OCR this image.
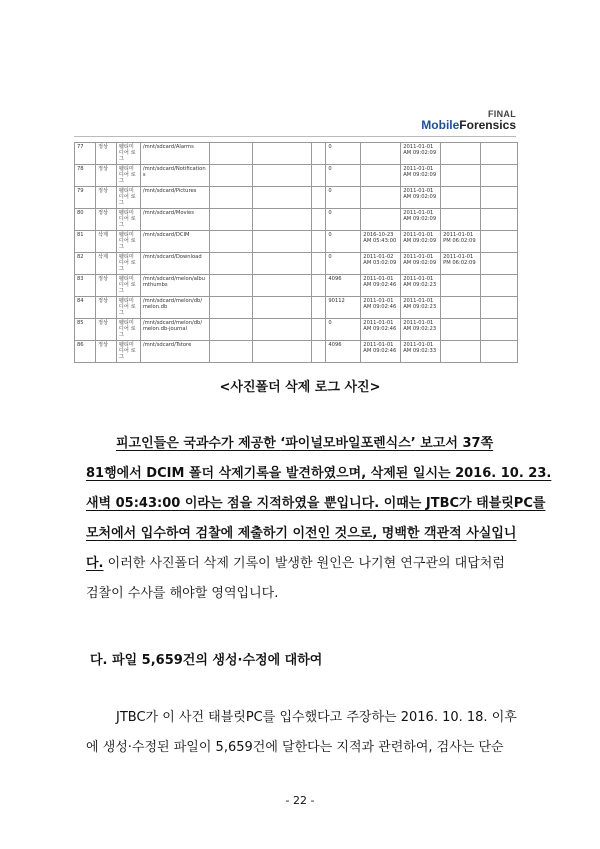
FINAL
MobileForensics

77	정상	펠티미디어 로그	/mnt/sdcard/Alarms				0		2011-01-01 AM 09:02:09		
78	정상	펠티미디어 로그	/mnt/sdcard/Notifications				0		2011-01-01 AM 09:02:09		
79	정상	펠티미디어 로그	/mnt/sdcard/Pictures				0		2011-01-01 AM 09:02:09		
80	정상	펠티미디어 로그	/mnt/sdcard/Movies				0		2011-01-01 AM 09:02:09		
81	삭제	펠티미디어 로그	/mnt/sdcard/DCIM				0	2016-10-23 AM 05:43:00	2011-01-01 AM 09:02:09	2011-01-01 PM 06:02:09	
82	삭제	펠티미디어 로그	/mnt/sdcard/Download				0	2011-01-02 AM 03:02:09	2011-01-01 AM 09:02:09	2011-01-01 PM 06:02:09	
83	정상	펠티미디어 로그	/mnt/sdcard/melon/albumthumbs				4096	2011-01-01 AM 09:02:46	2011-01-01 AM 09:02:23		
84	정상	펠티미디어 로그	/mnt/sdcard/melon/db/melon.db				90112	2011-01-01 AM 09:02:46	2011-01-01 AM 09:02:23		
85	정상	펠티미디어 로그	/mnt/sdcard/melon/db/melon.db-journal				0	2011-01-01 AM 09:02:46	2011-01-01 AM 09:02:23		
86	정상	펠티미디어 로그	/mnt/sdcard/Tstore				4096	2011-01-01 AM 09:02:46	2011-01-01 AM 09:02:33		
<사진폴더 삭제 로그 사진>

피고인들은 국과수가 제공한 ‘파이널모바일포렌식스’ 보고서 37쪽

81행에서 DCIM 폴더 삭제기록을 발견하였으며, 삭제된 일시는 2016. 10. 23.

새벽 05:43:00 이라는 점을 지적하였을 뿐입니다. 이때는 JTBC가 태블릿PC를

모처에서 입수하여 검찰에 제출하기 이전인 것으로, 명백한 객관적 사실입니

다. 이러한 사진폴더 삭제 기록이 발생한 원인은 나기현 연구관의 대답처럼

검찰이 수사를 해야할 영역입니다.

다. 파일 5,659건의 생성·수정에 대하여

JTBC가 이 사건 태블릿PC를 입수했다고 주장하는 2016. 10. 18. 이후

에 생성·수정된 파일이 5,659건에 달한다는 지적과 관련하여, 검사는 단순

- 22 -
